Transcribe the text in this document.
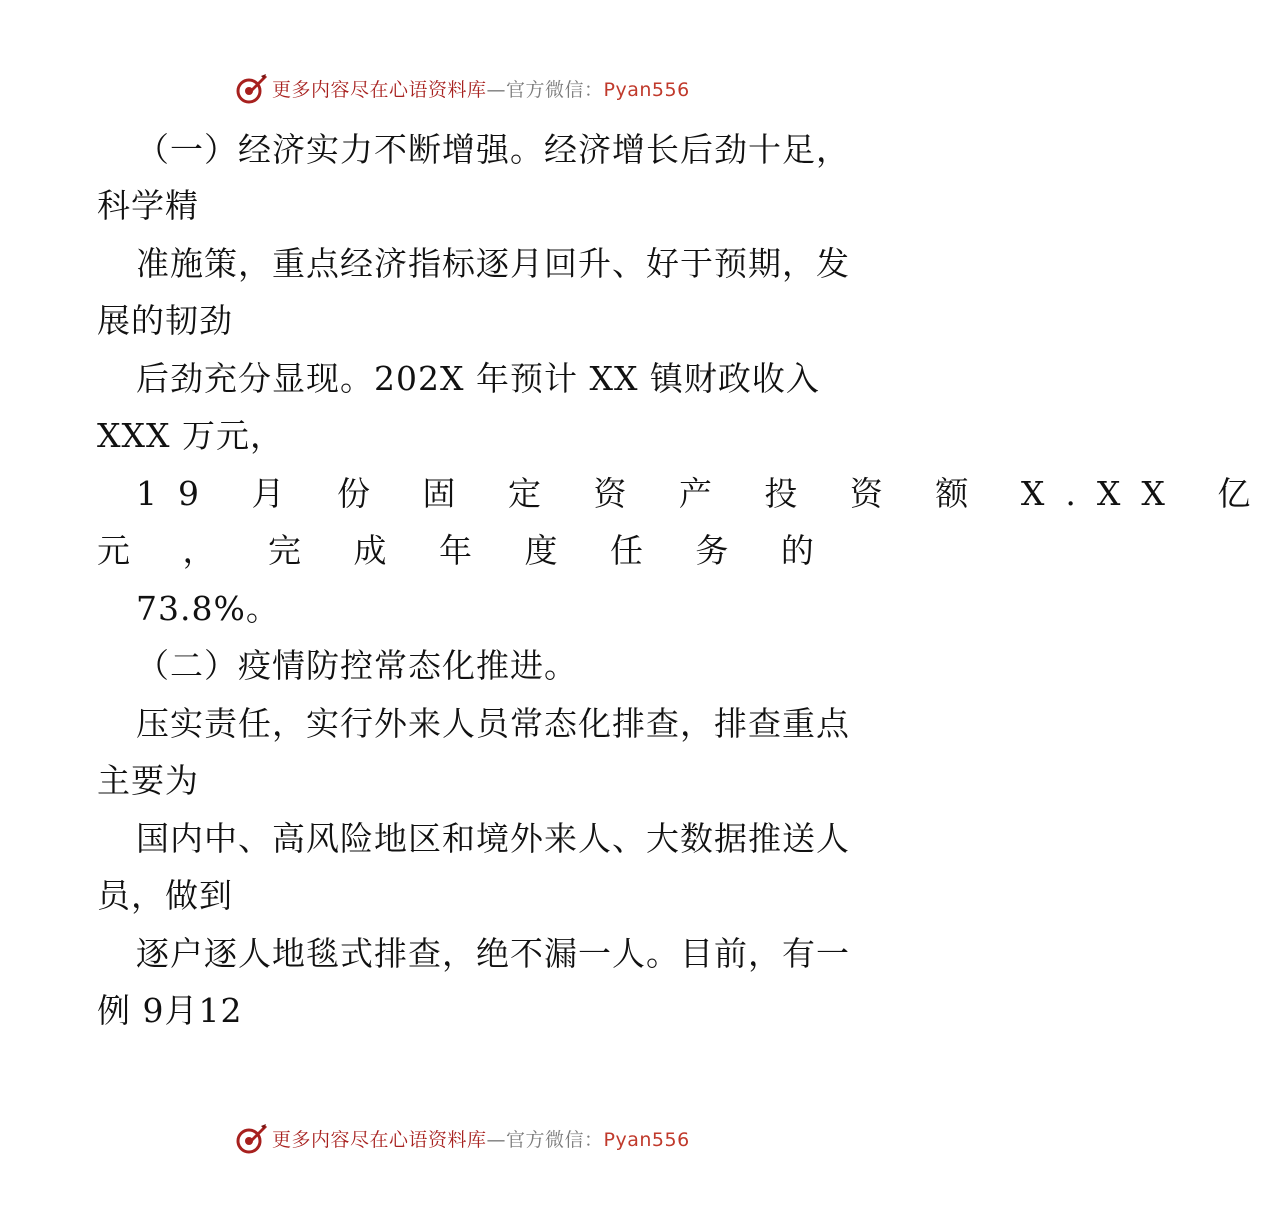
更多内容尽在心语资料库—官方微信：Pyan556
（一）经济实力不断增强。经济增长后劲十足，
科学精
准施策，重点经济指标逐月回升、好于预期，发
展的韧劲
后劲充分显现。202X 年预计 XX 镇财政收入
XXX 万元，
19 月 份 固 定 资 产 投 资 额 X.XX 亿
元 ， 完 成 年 度 任 务 的
73.8%。
（二）疫情防控常态化推进。
压实责任，实行外来人员常态化排查，排查重点
主要为
国内中、高风险地区和境外来人、大数据推送人
员，做到
逐户逐人地毯式排查，绝不漏一人。目前，有一
例 9月12
更多内容尽在心语资料库—官方微信：Pyan556
